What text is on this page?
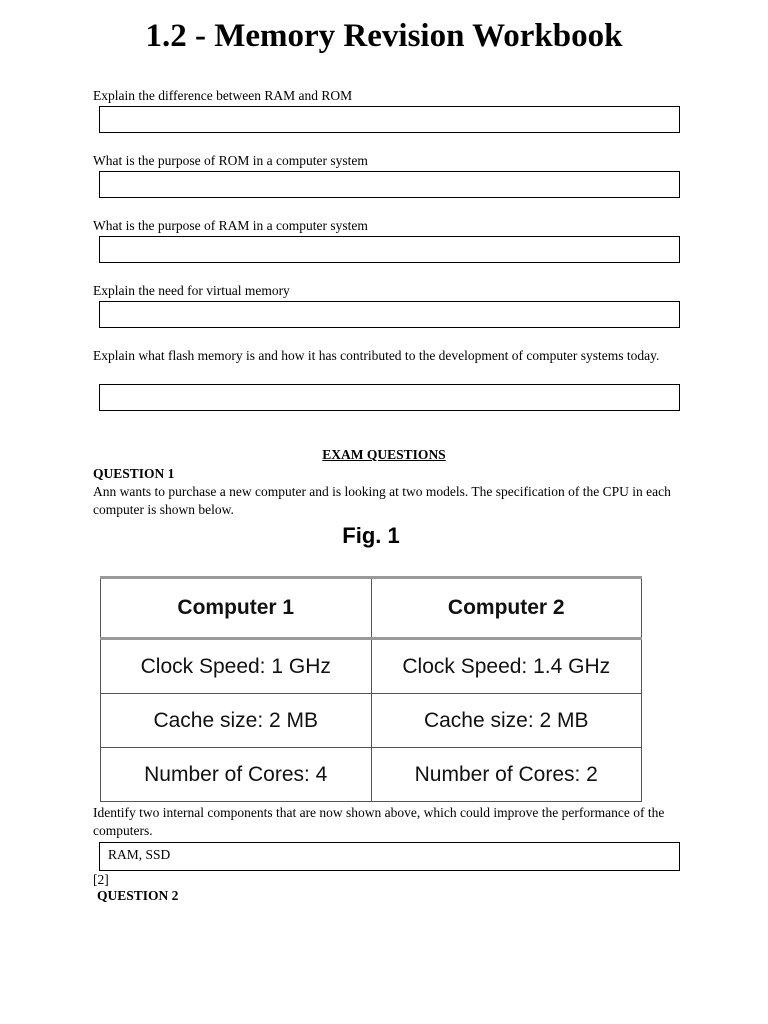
1.2 - Memory Revision Workbook
Explain the difference between RAM and ROM
What is the purpose of ROM in a computer system
What is the purpose of RAM in a computer system
Explain the need for virtual memory
Explain what flash memory is and how it has contributed to the development of computer systems today.
EXAM QUESTIONS
QUESTION 1
Ann wants to purchase a new computer and is looking at two models. The specification of the CPU in each computer is shown below.
Fig. 1
Computer 1	Computer 2
Clock Speed: 1 GHz	Clock Speed: 1.4 GHz
Cache size: 2 MB	Cache size: 2 MB
Number of Cores: 4	Number of Cores: 2
Identify two internal components that are now shown above, which could improve the performance of the computers.
RAM, SSD
[2]
QUESTION 2
